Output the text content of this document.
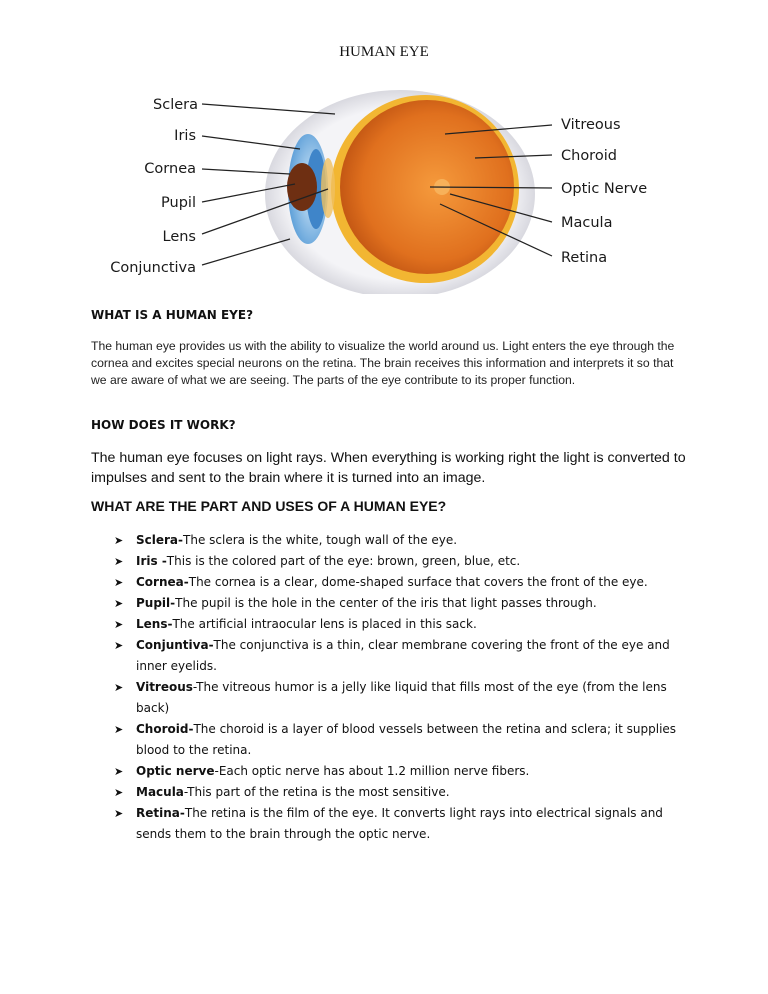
HUMAN EYE
Sclera
Iris
Cornea
Pupil
Lens
Conjunctiva
Vitreous
Choroid
Optic Nerve
Macula
Retina
WHAT IS A HUMAN EYE?

The human eye provides us with the ability to visualize the world around us. Light enters the eye through the cornea and excites special neurons on the retina. The brain receives this information and interprets it so that we are aware of what we are seeing. The parts of the eye contribute to its proper function.

HOW DOES IT WORK?

The human eye focuses on light rays. When everything is working right the light is converted to impulses and sent to the brain where it is turned into an image.

WHAT ARE THE PART AND USES OF A HUMAN EYE?
➤ Sclera-The sclera is the white, tough wall of the eye.
➤ Iris -This is the colored part of the eye: brown, green, blue, etc.
➤ Cornea-The cornea is a clear, dome-shaped surface that covers the front of the eye.
➤ Pupil-The pupil is the hole in the center of the iris that light passes through.
➤ Lens-The artificial intraocular lens is placed in this sack.
➤ Conjuntiva-The conjunctiva is a thin, clear membrane covering the front of the eye and inner eyelids.
➤ Vitreous-The vitreous humor is a jelly like liquid that fills most of the eye (from the lens back)
➤ Choroid-The choroid is a layer of blood vessels between the retina and sclera; it supplies blood to the retina.
➤ Optic nerve-Each optic nerve has about 1.2 million nerve fibers.
➤ Macula-This part of the retina is the most sensitive.
➤ Retina-The retina is the film of the eye. It converts light rays into electrical signals and sends them to the brain through the optic nerve.
